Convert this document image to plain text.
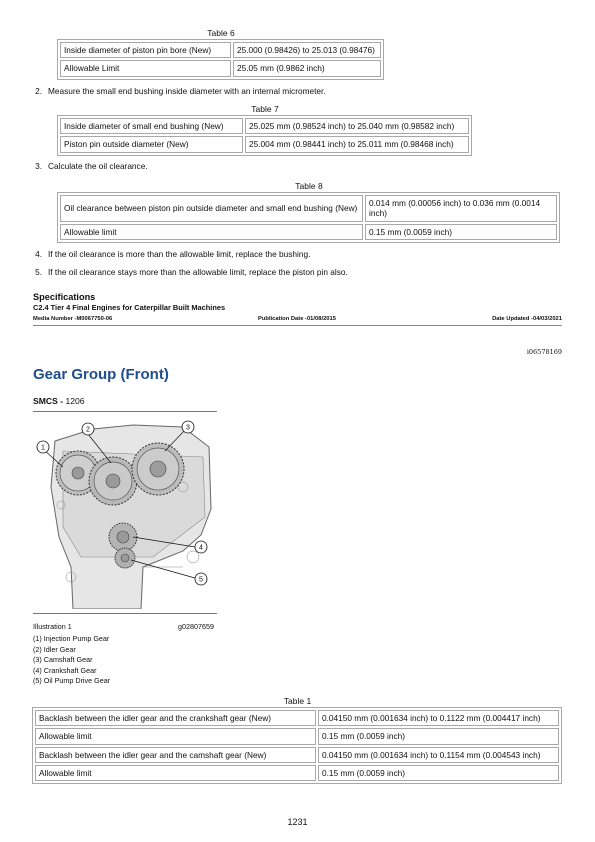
Table 6
Inside diameter of piston pin bore (New)	25.000 (0.98426) to 25.013 (0.98476)
Allowable Limit	25.05 mm (0.9862 inch)
2. Measure the small end bushing inside diameter with an internal micrometer.
Table 7
Inside diameter of small end bushing (New)	25.025 mm (0.98524 inch) to 25.040 mm (0.98582 inch)
Piston pin outside diameter (New)	25.004 mm (0.98441 inch) to 25.011 mm (0.98468 inch)
3. Calculate the oil clearance.
Table 8
Oil clearance between piston pin outside diameter and small end bushing (New)	0.014 mm (0.00056 inch) to 0.036 mm (0.0014 inch)
Allowable limit	0.15 mm (0.0059 inch)
4. If the oil clearance is more than the allowable limit, replace the bushing.
5. If the oil clearance stays more than the allowable limit, replace the piston pin also.
Specifications
C2.4 Tier 4 Final Engines for Caterpillar Built Machines
Media Number -M0067750-06	Publication Date -01/08/2015	Date Updated -04/03/2021
i06578169
Gear Group (Front)
SMCS - 1206
1
2	3
4
5
Illustration 1	g02807659
(1) Injection Pump Gear
(2) Idler Gear
(3) Camshaft Gear
(4) Crankshaft Gear
(5) Oil Pump Drive Gear
Table 1
Backlash between the idler gear and the crankshaft gear (New)	0.04150 mm (0.001634 inch) to 0.1122 mm (0.004417 inch)
Allowable limit	0.15 mm (0.0059 inch)
Backlash between the idler gear and the camshaft gear (New)	0.04150 mm (0.001634 inch) to 0.1154 mm (0.004543 inch)
Allowable limit	0.15 mm (0.0059 inch)
1231
